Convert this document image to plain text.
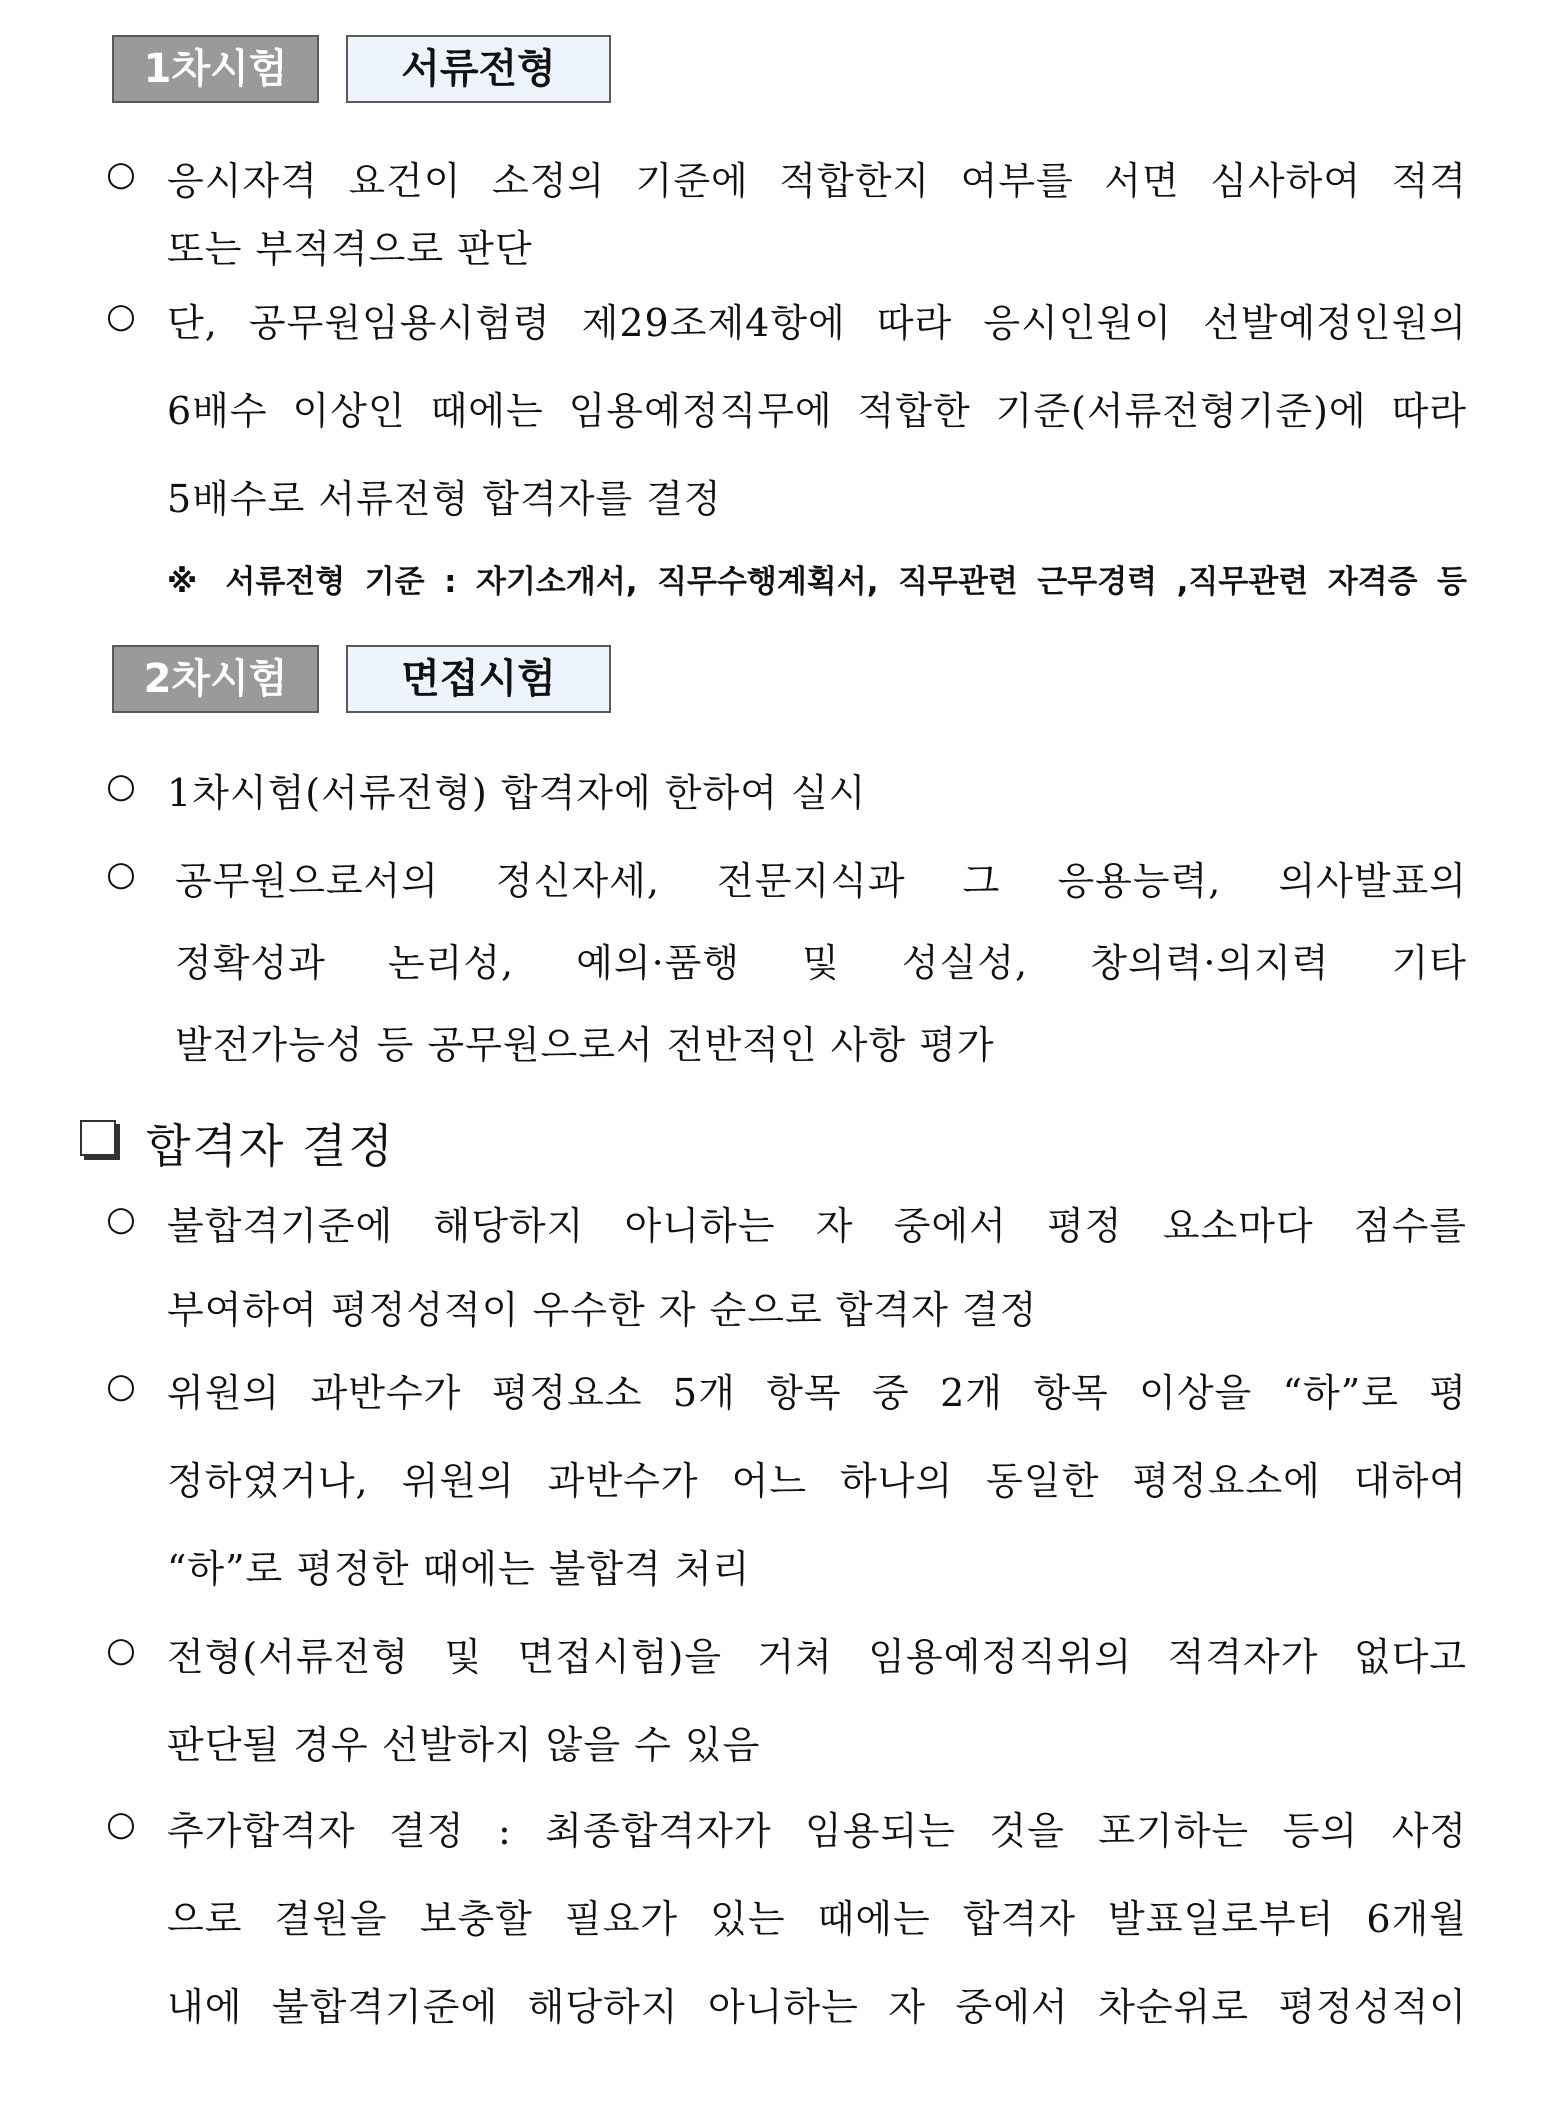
1차시험	서류전형
○ 응시자격 요건이 소정의 기준에 적합한지 여부를 서면 심사하여 적격
또는 부적격으로 판단
○ 단, 공무원임용시험령 제29조제4항에 따라 응시인원이 선발예정인원의
6배수 이상인 때에는 임용예정직무에 적합한 기준(서류전형기준)에 따라
5배수로 서류전형 합격자를 결정
※ 서류전형 기준 : 자기소개서, 직무수행계획서, 직무관련 근무경력 ,직무관련 자격증 등
2차시험	면접시험
○ 1차시험(서류전형) 합격자에 한하여 실시
○ 공무원으로서의 정신자세, 전문지식과 그 응용능력, 의사발표의
정확성과 논리성, 예의·품행 및 성실성, 창의력·의지력 기타
발전가능성 등 공무원으로서 전반적인 사항 평가
합격자 결정
○ 불합격기준에 해당하지 아니하는 자 중에서 평정 요소마다 점수를
부여하여 평정성적이 우수한 자 순으로 합격자 결정
○ 위원의 과반수가 평정요소 5개 항목 중 2개 항목 이상을 “하”로 평
정하였거나, 위원의 과반수가 어느 하나의 동일한 평정요소에 대하여
“하”로 평정한 때에는 불합격 처리
○ 전형(서류전형 및 면접시험)을 거쳐 임용예정직위의 적격자가 없다고
판단될 경우 선발하지 않을 수 있음
○ 추가합격자 결정 : 최종합격자가 임용되는 것을 포기하는 등의 사정
으로 결원을 보충할 필요가 있는 때에는 합격자 발표일로부터 6개월
내에 불합격기준에 해당하지 아니하는 자 중에서 차순위로 평정성적이
